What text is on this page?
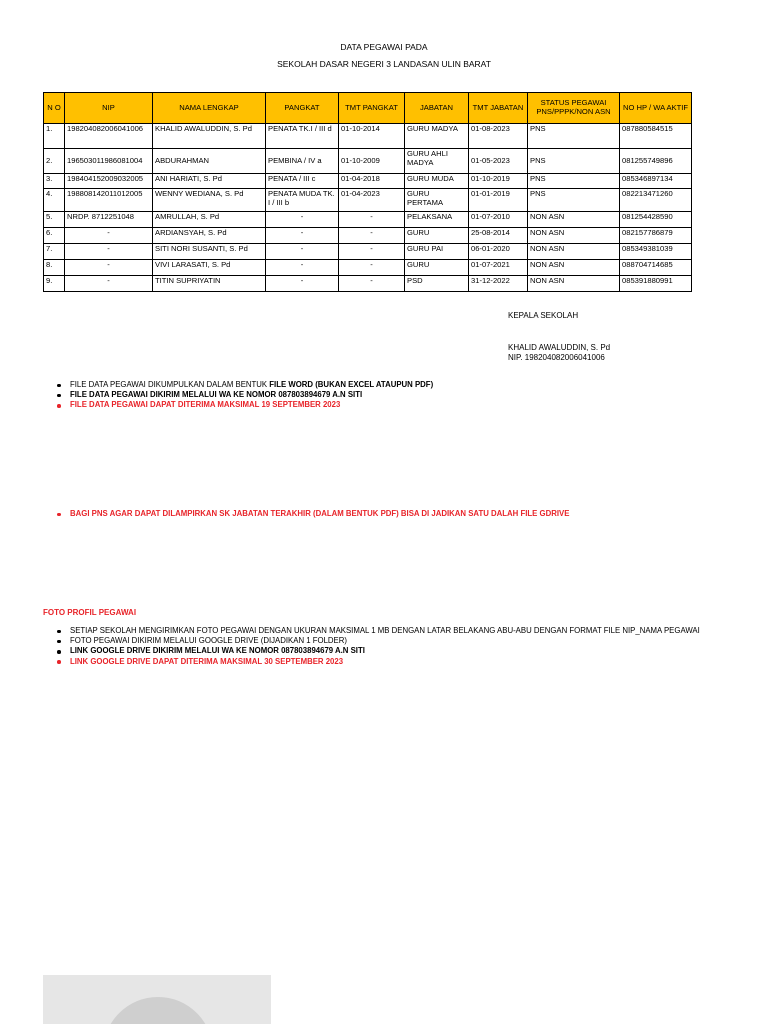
DATA PEGAWAI PADA
SEKOLAH DASAR NEGERI 3 LANDASAN ULIN BARAT
N O	NIP	NAMA LENGKAP	PANGKAT	TMT PANGKAT	JABATAN	TMT JABATAN	STATUS PEGAWAI PNS/PPPK/NON ASN	NO HP / WA AKTIF
1.	198204082006041006	KHALID AWALUDDIN, S. Pd	PENATA TK.I / III d	01-10-2014	GURU MADYA	01-08-2023	PNS	087880584515
2.	196503011986081004	ABDURAHMAN	PEMBINA / IV a	01-10-2009	GURU AHLI MADYA	01-05-2023	PNS	081255749896
3.	198404152009032005	ANI HARIATI, S. Pd	PENATA / III c	01-04-2018	GURU MUDA	01-10-2019	PNS	085346897134
4.	198808142011012005	WENNY WEDIANA, S. Pd	PENATA MUDA TK. I / III b	01-04-2023	GURU PERTAMA	01-01-2019	PNS	082213471260
5.	NRDP. 8712251048	AMRULLAH, S. Pd	-	-	PELAKSANA	01-07-2010	NON ASN	081254428590
6.	-	ARDIANSYAH, S. Pd	-	-	GURU	25-08-2014	NON ASN	082157786879
7.	-	SITI NORI SUSANTI, S. Pd	-	-	GURU PAI	06-01-2020	NON ASN	085349381039
8.	-	VIVI LARASATI, S. Pd	-	-	GURU	01-07-2021	NON ASN	088704714685
9.	-	TITIN SUPRIYATIN	-	-	PSD	31-12-2022	NON ASN	085391880991
KEPALA SEKOLAH
KHALID AWALUDDIN, S. Pd
NIP. 198204082006041006
FILE DATA PEGAWAI DIKUMPULKAN DALAM BENTUK FILE WORD (BUKAN EXCEL ATAUPUN PDF)
FILE DATA PEGAWAI DIKIRIM MELALUI WA KE NOMOR 087803894679 A.N SITI
FILE DATA PEGAWAI DAPAT DITERIMA MAKSIMAL 19 SEPTEMBER 2023
BAGI PNS AGAR DAPAT DILAMPIRKAN SK JABATAN TERAKHIR (DALAM BENTUK PDF) BISA DI JADIKAN SATU DALAH FILE GDRIVE
FOTO PROFIL PEGAWAI
SETIAP SEKOLAH MENGIRIMKAN FOTO PEGAWAI DENGAN UKURAN MAKSIMAL 1 MB DENGAN LATAR BELAKANG ABU-ABU DENGAN FORMAT FILE NIP_NAMA PEGAWAI
FOTO PEGAWAI DIKIRIM MELALUI GOOGLE DRIVE (DIJADIKAN 1 FOLDER)
LINK GOOGLE DRIVE DIKIRIM MELALUI WA KE NOMOR 087803894679 A.N SITI
LINK GOOGLE DRIVE DAPAT DITERIMA MAKSIMAL 30 SEPTEMBER 2023
